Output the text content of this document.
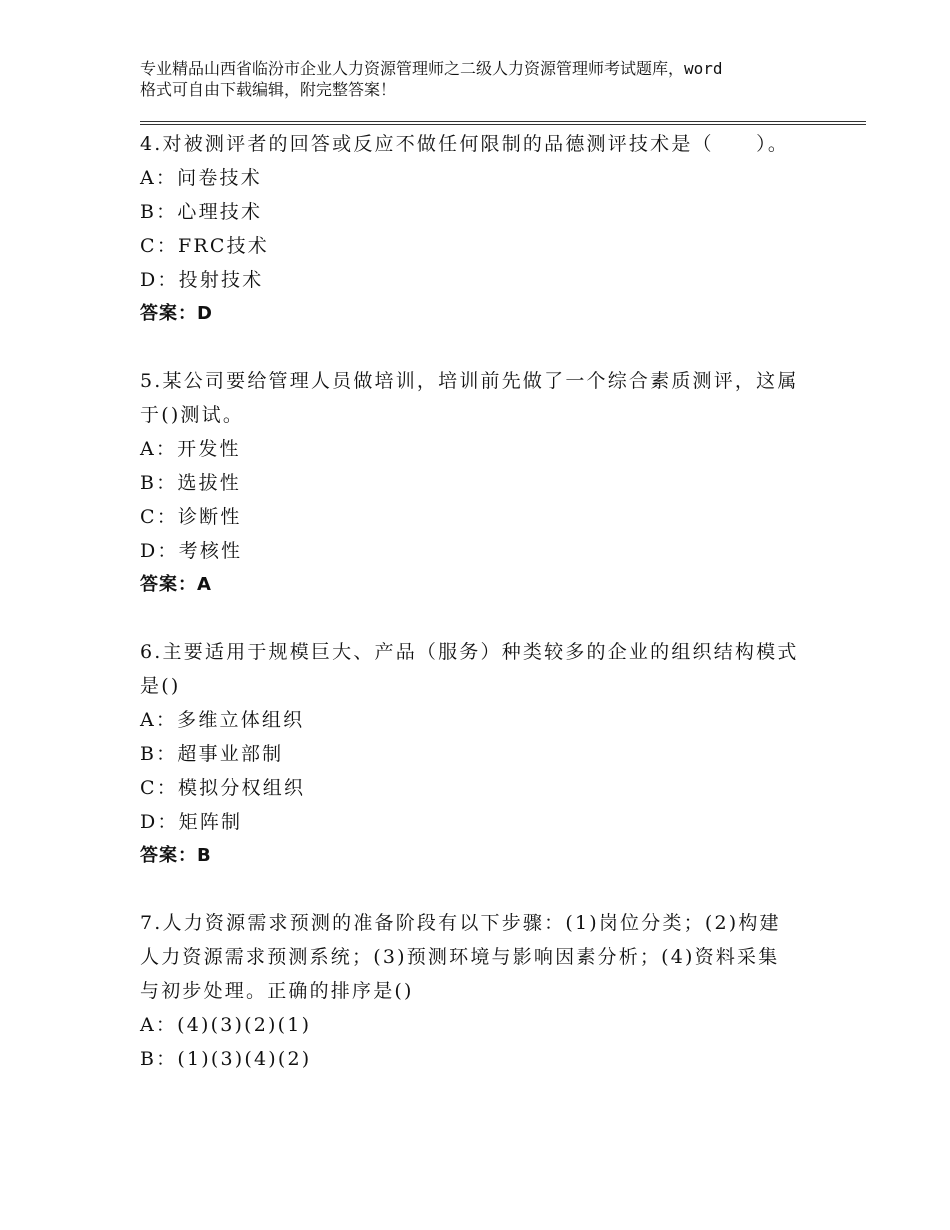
专业精品山西省临汾市企业人力资源管理师之二级人力资源管理师考试题库，word
格式可自由下载编辑，附完整答案！

4.对被测评者的回答或反应不做任何限制的品德测评技术是（　　）。

A：问卷技术

B：心理技术

C：FRC技术

D：投射技术

答案：D

5.某公司要给管理人员做培训，培训前先做了一个综合素质测评，这属于()测试。

A：开发性

B：选拔性

C：诊断性

D：考核性

答案：A

6.主要适用于规模巨大、产品（服务）种类较多的企业的组织结构模式是()

A：多维立体组织

B：超事业部制

C：模拟分权组织

D：矩阵制

答案：B

7.人力资源需求预测的准备阶段有以下步骤：(1)岗位分类；(2)构建人力资源需求预测系统；(3)预测环境与影响因素分析；(4)资料采集与初步处理。正确的排序是()

A：(4)(3)(2)(1)

B：(1)(3)(4)(2)
